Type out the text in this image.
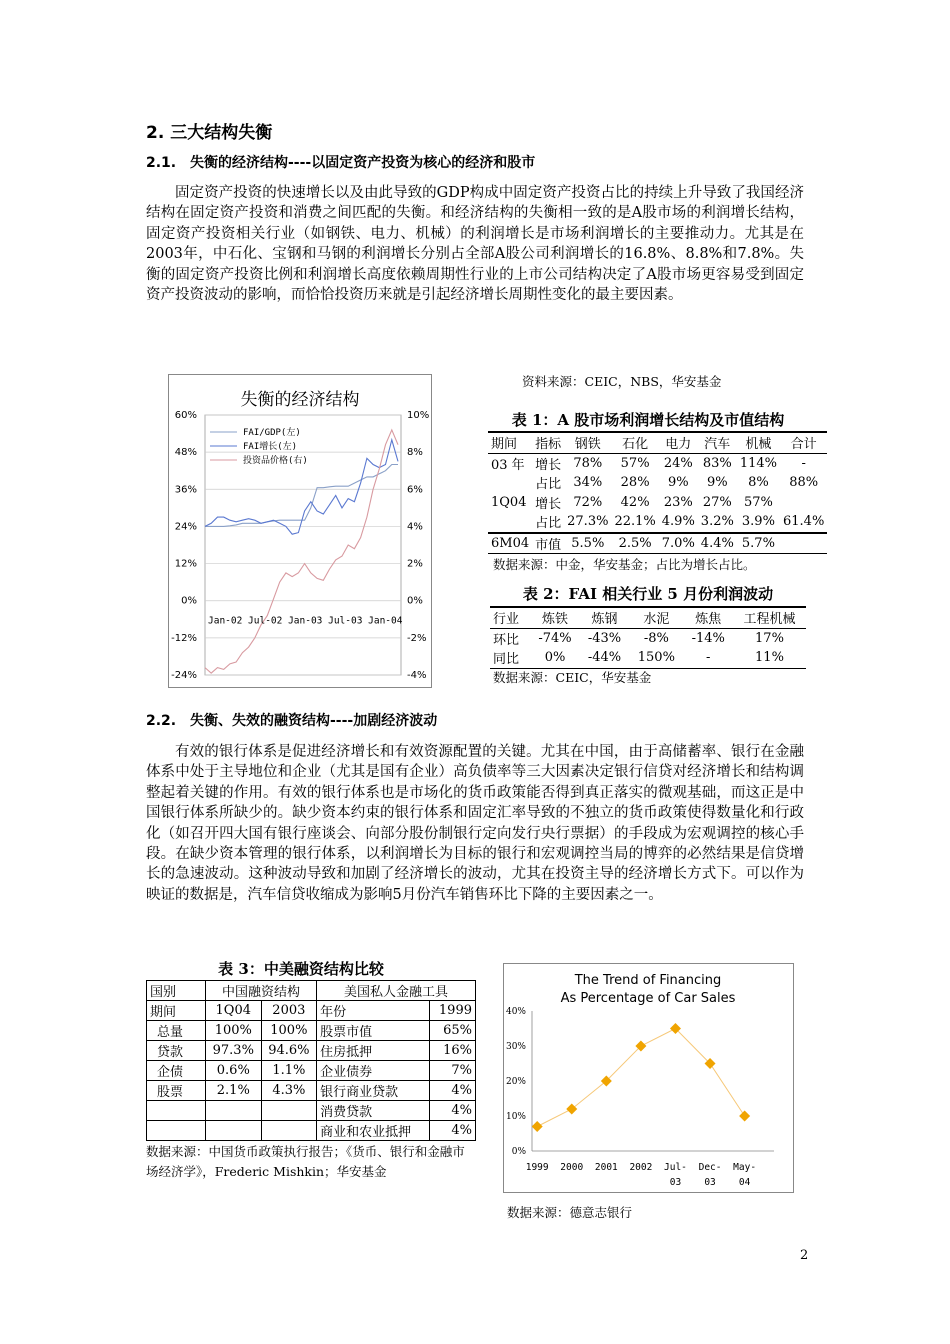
2. 三大结构失衡
2.1. 失衡的经济结构----以固定资产投资为核心的经济和股市
固定资产投资的快速增长以及由此导致的GDP构成中固定资产投资占比的持续上升导致了我国经济结构在固定资产投资和消费之间匹配的失衡。和经济结构的失衡相一致的是A股市场的利润增长结构，固定资产投资相关行业（如钢铁、电力、机械）的利润增长是市场利润增长的主要推动力。尤其是在2003年，中石化、宝钢和马钢的利润增长分别占全部A股公司利润增长的16.8%、8.8%和7.8%。失衡的固定资产投资比例和利润增长高度依赖周期性行业的上市公司结构决定了A股市场更容易受到固定资产投资波动的影响，而恰恰投资历来就是引起经济增长周期性变化的最主要因素。
失衡的经济结构
FAI/GDP(左)
FAI增长(左)
投资品价格(右)
60%	10%
48%	8%
36%	6%
24%	4%
12%	2%
0%	0%
-12%	-2%
-24%	-4%
Jan-02 Jul-02 Jan-03 Jul-03 Jan-04
资料来源：CEIC，NBS，华安基金
表 1：A 股市场利润增长结构及市值结构
期间	指标	钢铁	石化	电力	汽车	机械	合计
03 年	增长	78%	57%	24%	83%	114%	-
	占比	34%	28%	9%	9%	8%	88%
1Q04	增长	72%	42%	23%	27%	57%	
	占比	27.3%	22.1%	4.9%	3.2%	3.9%	61.4%
6M04	市值	5.5%	2.5%	7.0%	4.4%	5.7%	
数据来源：中金，华安基金；占比为增长占比。
表 2：FAI 相关行业 5 月份利润波动
行业	炼铁	炼钢	水泥	炼焦	工程机械
环比	-74%	-43%	-8%	-14%	17%
同比	0%	-44%	150%	-	11%
数据来源：CEIC，华安基金
2.2. 失衡、失效的融资结构----加剧经济波动
有效的银行体系是促进经济增长和有效资源配置的关键。尤其在中国，由于高储蓄率、银行在金融体系中处于主导地位和企业（尤其是国有企业）高负债率等三大因素决定银行信贷对经济增长和结构调整起着关键的作用。有效的银行体系也是市场化的货币政策能否得到真正落实的微观基础，而这正是中国银行体系所缺少的。缺少资本约束的银行体系和固定汇率导致的不独立的货币政策使得数量化和行政化（如召开四大国有银行座谈会、向部分股份制银行定向发行央行票据）的手段成为宏观调控的核心手段。在缺少资本管理的银行体系，以利润增长为目标的银行和宏观调控当局的博弈的必然结果是信贷增长的急速波动。这种波动导致和加剧了经济增长的波动，尤其在投资主导的经济增长方式下。可以作为映证的数据是，汽车信贷收缩成为影响5月份汽车销售环比下降的主要因素之一。
表 3：中美融资结构比较
国别	中国融资结构		美国私人金融工具	
期间	1Q04	2003	年份	1999
总量	100%	100%	股票市值	65%
贷款	97.3%	94.6%	住房抵押	16%
企债	0.6%	1.1%	企业债券	7%
股票	2.1%	4.3%	银行商业贷款	4%
			消费贷款	4%
			商业和农业抵押	4%
数据来源：中国货币政策执行报告；《货币、银行和金融市场经济学》，Frederic Mishkin；华安基金
The Trend of Financing
As Percentage of Car Sales
40%
30%
20%
10%
0%
1999 2000 2001 2002 Jul-
03
Dec-
03
May-
04
数据来源：德意志银行
2
